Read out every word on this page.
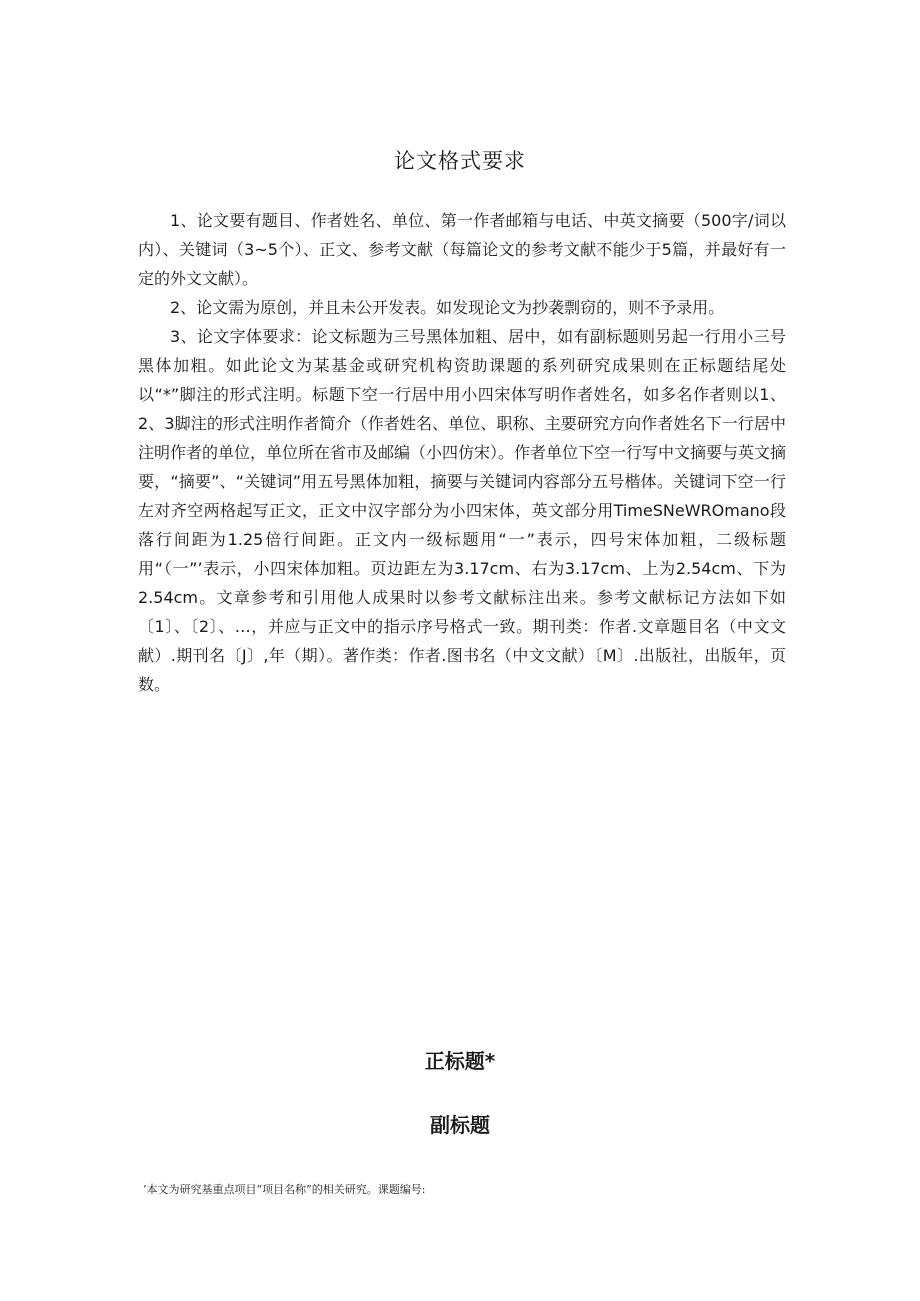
论文格式要求

1、论文要有题目、作者姓名、单位、第一作者邮箱与电话、中英文摘要（500字/词以内）、关键词（3~5个）、正文、参考文献（每篇论文的参考文献不能少于5篇，并最好有一定的外文文献）。

2、论文需为原创，并且未公开发表。如发现论文为抄袭剽窃的，则不予录用。

3、论文字体要求：论文标题为三号黑体加粗、居中，如有副标题则另起一行用小三号黑体加粗。如此论文为某基金或研究机构资助课题的系列研究成果则在正标题结尾处以“*”脚注的形式注明。标题下空一行居中用小四宋体写明作者姓名，如多名作者则以1、2、3脚注的形式注明作者简介（作者姓名、单位、职称、主要研究方向作者姓名下一行居中注明作者的单位，单位所在省市及邮编（小四仿宋）。作者单位下空一行写中文摘要与英文摘要，“摘要”、“关键词”用五号黑体加粗，摘要与关键词内容部分五号楷体。关键词下空一行左对齐空两格起写正文，正文中汉字部分为小四宋体，英文部分用TimeSNeWROmano段落行间距为1.25倍行间距。正文内一级标题用“一”表示，四号宋体加粗，二级标题用“（一”’表示，小四宋体加粗。页边距左为3.17cm、右为3.17cm、上为2.54cm、下为2.54cm。文章参考和引用他人成果时以参考文献标注出来。参考文献标记方法如下如〔1〕、〔2〕、…，并应与正文中的指示序号格式一致。期刊类：作者.文章题目名（中文文献）.期刊名〔J〕,年（期）。著作类：作者.图书名（中文文献）〔M〕.出版社，出版年，页数。

正标题*
副标题
‘本文为研究基重点项目“项目名称”的相关研究。课题编号:
